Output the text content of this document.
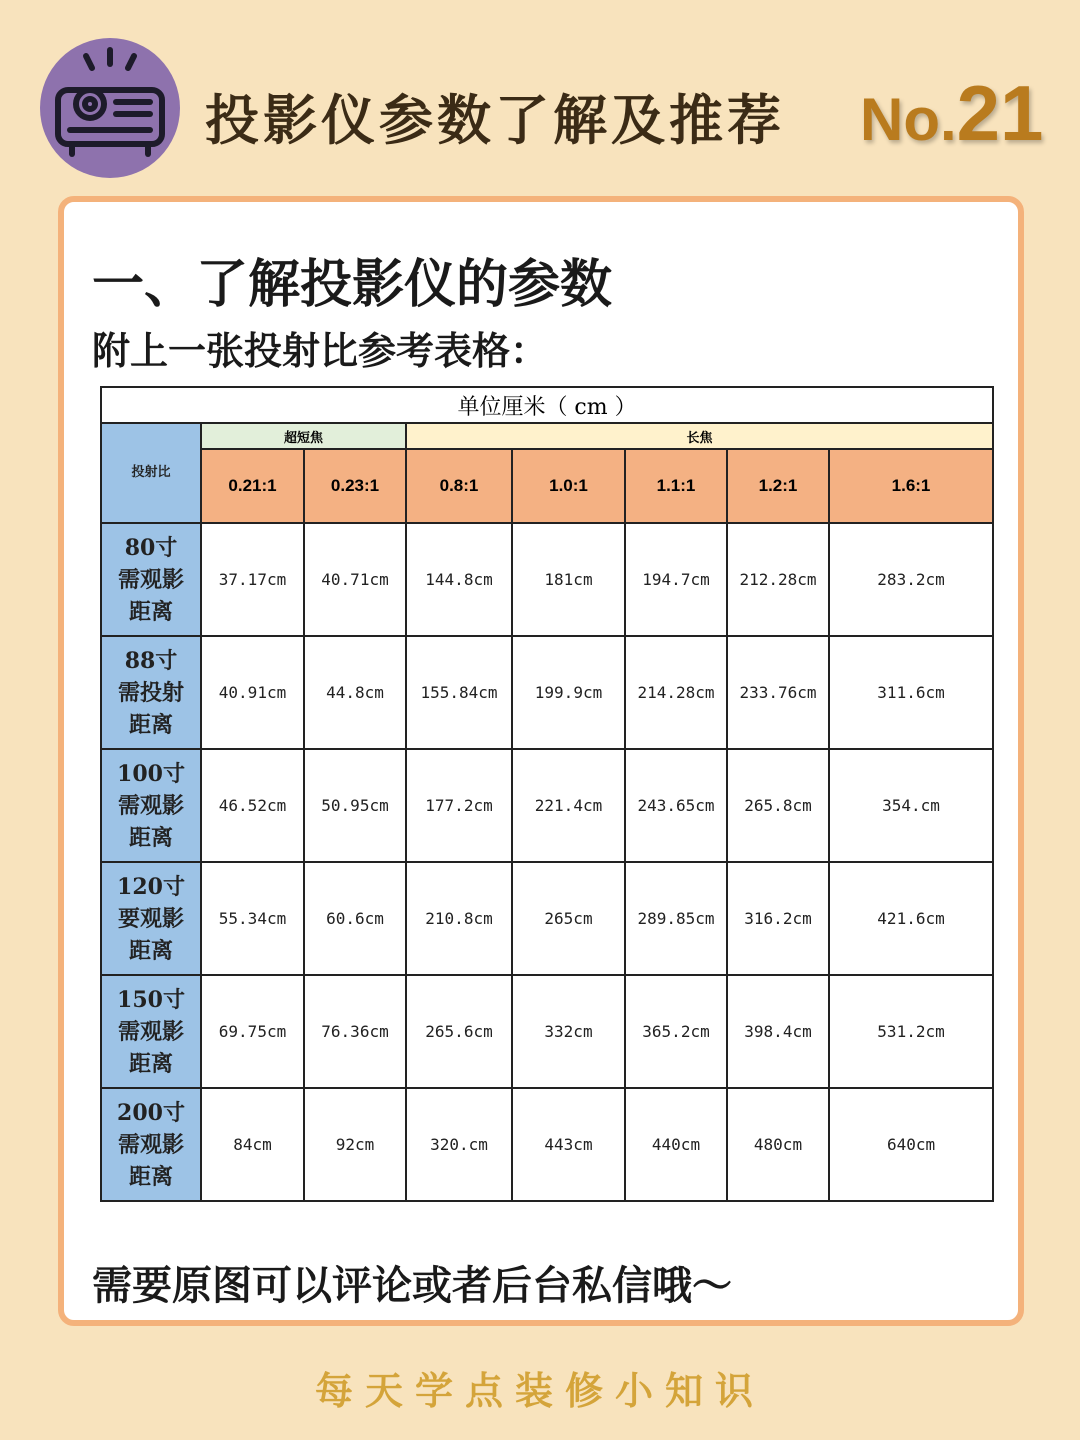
投影仪参数了解及推荐 No.21
一、了解投影仪的参数
附上一张投射比参考表格：
单位厘米（ cm ）							
投射比	超短焦		长焦				
	0.21:1	0.23:1	0.8:1	1.0:1	1.1:1	1.2:1	1.6:1
80寸需观影距离	37.17cm	40.71cm	144.8cm	181cm	194.7cm	212.28cm	283.2cm
88寸需投射距离	40.91cm	44.8cm	155.84cm	199.9cm	214.28cm	233.76cm	311.6cm
100寸需观影距离	46.52cm	50.95cm	177.2cm	221.4cm	243.65cm	265.8cm	354.cm
120寸要观影距离	55.34cm	60.6cm	210.8cm	265cm	289.85cm	316.2cm	421.6cm
150寸需观影距离	69.75cm	76.36cm	265.6cm	332cm	365.2cm	398.4cm	531.2cm
200寸需观影距离	84cm	92cm	320.cm	443cm	440cm	480cm	640cm
需要原图可以评论或者后台私信哦～
每天学点装修小知识
